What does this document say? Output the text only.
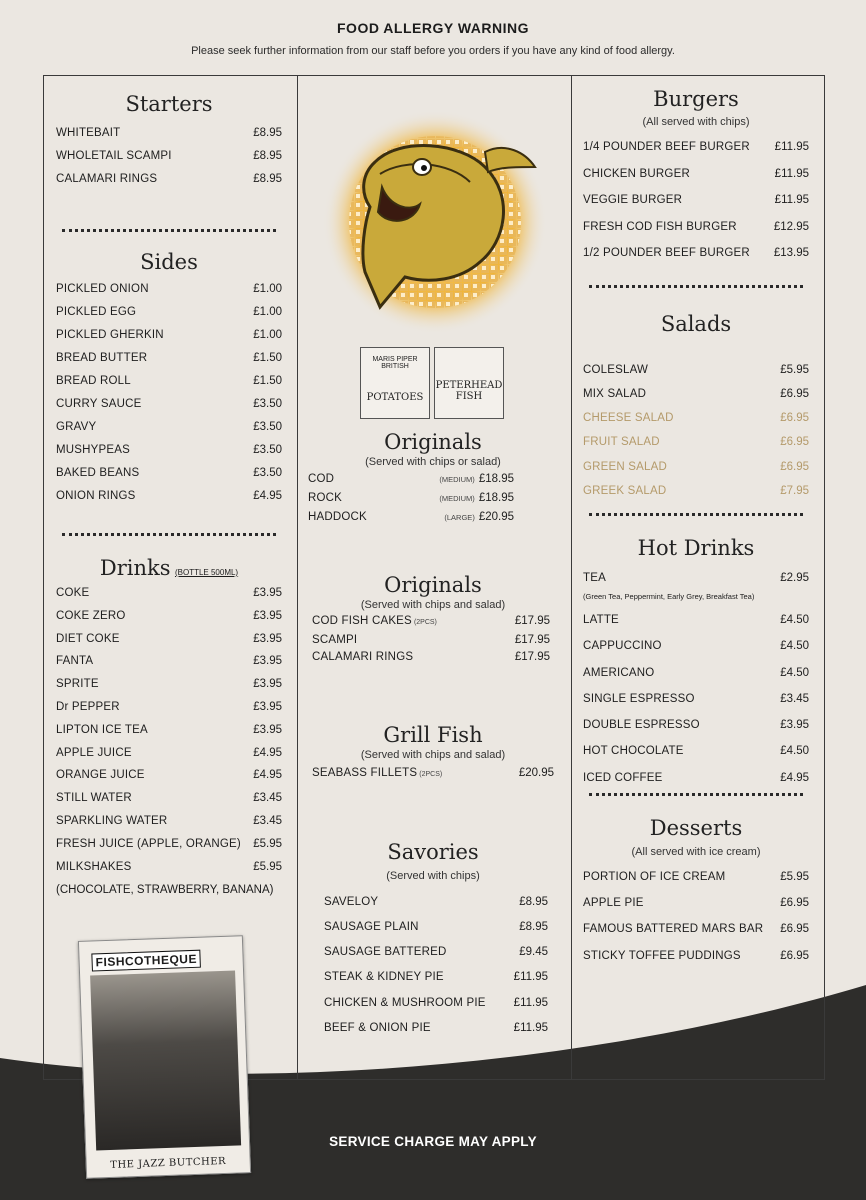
FOOD ALLERGY WARNING
Please seek further information from our staff before you orders if you have any kind of food allergy.
Starters
WHITEBAIT	£8.95
WHOLETAIL SCAMPI	£8.95
CALAMARI RINGS	£8.95
Sides
PICKLED ONION	£1.00
PICKLED EGG	£1.00
PICKLED GHERKIN	£1.00
BREAD BUTTER	£1.50
BREAD ROLL	£1.50
CURRY SAUCE	£3.50
GRAVY	£3.50
MUSHYPEAS	£3.50
BAKED BEANS	£3.50
ONION RINGS	£4.95
Drinks (BOTTLE 500ML)
COKE	£3.95
COKE ZERO	£3.95
DIET COKE	£3.95
FANTA	£3.95
SPRITE	£3.95
Dr PEPPER	£3.95
LIPTON ICE TEA	£3.95
APPLE JUICE	£4.95
ORANGE JUICE	£4.95
STILL WATER	£3.45
SPARKLING WATER	£3.45
FRESH JUICE (APPLE, ORANGE) £5.95
MILKSHAKES	£5.95
(CHOCOLATE, STRAWBERRY, BANANA)
MARIS PIPER
BRITISH
POTATOES
PETERHEAD
FISH
Originals
(Served with chips or salad)
COD	(MEDIUM) £18.95
ROCK	(MEDIUM) £18.95
HADDOCK	(LARGE) £20.95
Originals
(Served with chips and salad)
COD FISH CAKES (2PCS)	£17.95
SCAMPI	£17.95
CALAMARI RINGS	£17.95
Grill Fish
(Served with chips and salad)
SEABASS FILLETS (2PCS)	£20.95
Savories
(Served with chips)
SAVELOY	£8.95
SAUSAGE PLAIN	£8.95
SAUSAGE BATTERED	£9.45
STEAK & KIDNEY PIE	£11.95
CHICKEN & MUSHROOM PIE £11.95
BEEF & ONION PIE	£11.95
Burgers
(All served with chips)
1/4 POUNDER BEEF BURGER £11.95
CHICKEN BURGER	£11.95
VEGGIE BURGER	£11.95
FRESH COD FISH BURGER	£12.95
1/2 POUNDER BEEF BURGER £13.95
Salads
COLESLAW	£5.95
MIX SALAD	£6.95
CHEESE SALAD	£6.95
FRUIT SALAD	£6.95
GREEN SALAD	£6.95
GREEK SALAD	£7.95
Hot Drinks
TEA	£2.95
(Green Tea, Peppermint, Early Grey, Breakfast Tea)
LATTE	£4.50
CAPPUCCINO	£4.50
AMERICANO	£4.50
SINGLE ESPRESSO	£3.45
DOUBLE ESPRESSO	£3.95
HOT CHOCOLATE	£4.50
ICED COFFEE	£4.95
Desserts
(All served with ice cream)
PORTION OF ICE CREAM	£5.95
APPLE PIE	£6.95
FAMOUS BATTERED MARS BAR £6.95
STICKY TOFFEE PUDDINGS	£6.95
FISHCOTHEQUE
THE JAZZ BUTCHER
SERVICE CHARGE MAY APPLY
